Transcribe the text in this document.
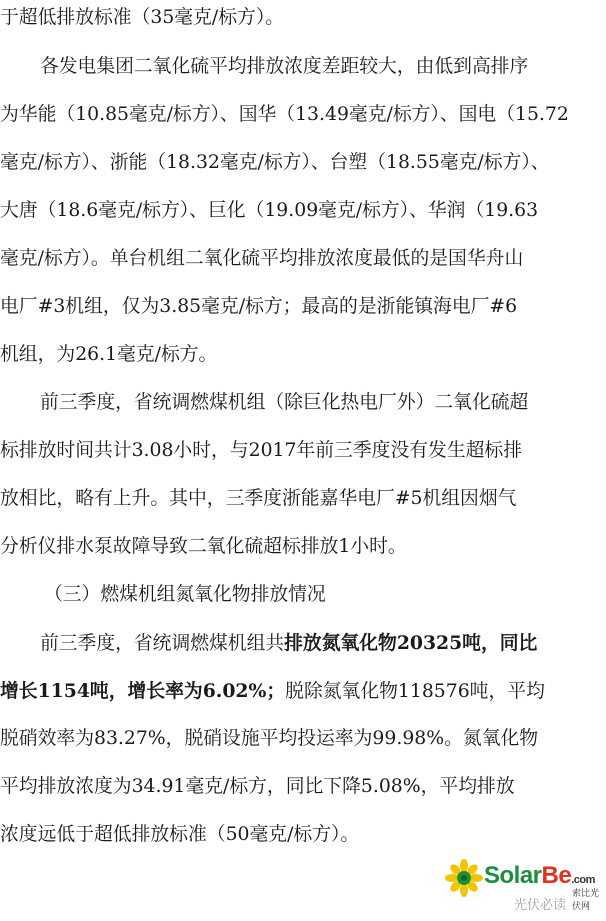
于超低排放标准（35毫克/标方）。
各发电集团二氧化硫平均排放浓度差距较大，由低到高排序
为华能（10.85毫克/标方）、国华（13.49毫克/标方）、国电（15.72
毫克/标方）、浙能（18.32毫克/标方）、台塑（18.55毫克/标方）、
大唐（18.6毫克/标方）、巨化（19.09毫克/标方）、华润（19.63
毫克/标方）。单台机组二氧化硫平均排放浓度最低的是国华舟山
电厂#3机组，仅为3.85毫克/标方；最高的是浙能镇海电厂#6
机组，为26.1毫克/标方。
前三季度，省统调燃煤机组（除巨化热电厂外）二氧化硫超
标排放时间共计3.08小时，与2017年前三季度没有发生超标排
放相比，略有上升。其中，三季度浙能嘉华电厂#5机组因烟气
分析仪排水泵故障导致二氧化硫超标排放1小时。
（三）燃煤机组氮氧化物排放情况
前三季度，省统调燃煤机组共排放氮氧化物20325吨，同比
增长1154吨，增长率为6.02%；脱除氮氧化物118576吨，平均
脱硝效率为83.27%，脱硝设施平均投运率为99.98%。氮氧化物
平均排放浓度为34.91毫克/标方，同比下降5.08%，平均排放
浓度远低于超低排放标准（50毫克/标方）。
SolarBe.com
索比光伏网
光伏必读
